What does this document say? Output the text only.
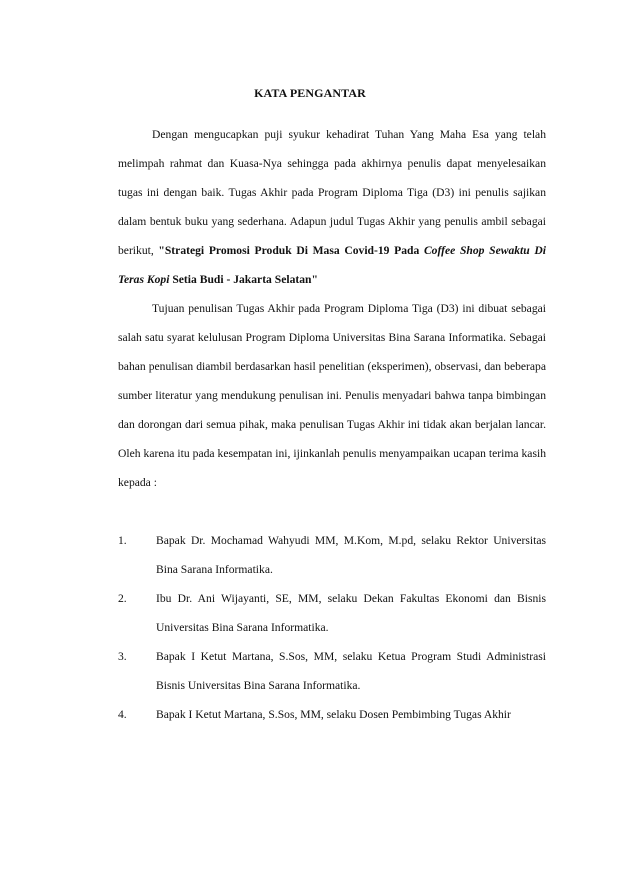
KATA PENGANTAR

Dengan mengucapkan puji syukur kehadirat Tuhan Yang Maha Esa yang telah melimpah rahmat dan Kuasa-Nya sehingga pada akhirnya penulis dapat menyelesaikan tugas ini dengan baik. Tugas Akhir pada Program Diploma Tiga (D3) ini penulis sajikan dalam bentuk buku yang sederhana. Adapun judul Tugas Akhir yang penulis ambil sebagai berikut, "Strategi Promosi Produk Di Masa Covid-19 Pada Coffee Shop Sewaktu Di Teras Kopi Setia Budi - Jakarta Selatan"

Tujuan penulisan Tugas Akhir pada Program Diploma Tiga (D3) ini dibuat sebagai salah satu syarat kelulusan Program Diploma Universitas Bina Sarana Informatika. Sebagai bahan penulisan diambil berdasarkan hasil penelitian (eksperimen), observasi, dan beberapa sumber literatur yang mendukung penulisan ini. Penulis menyadari bahwa tanpa bimbingan dan dorongan dari semua pihak, maka penulisan Tugas Akhir ini tidak akan berjalan lancar. Oleh karena itu pada kesempatan ini, ijinkanlah penulis menyampaikan ucapan terima kasih kepada :

1.	Bapak Dr. Mochamad Wahyudi MM, M.Kom, M.pd, selaku Rektor Universitas Bina Sarana Informatika.
2.	Ibu Dr. Ani Wijayanti, SE, MM, selaku Dekan Fakultas Ekonomi dan Bisnis Universitas Bina Sarana Informatika.
3.	Bapak I Ketut Martana, S.Sos, MM, selaku Ketua Program Studi Administrasi Bisnis Universitas Bina Sarana Informatika.
4.	Bapak I Ketut Martana, S.Sos, MM, selaku Dosen Pembimbing Tugas Akhir
